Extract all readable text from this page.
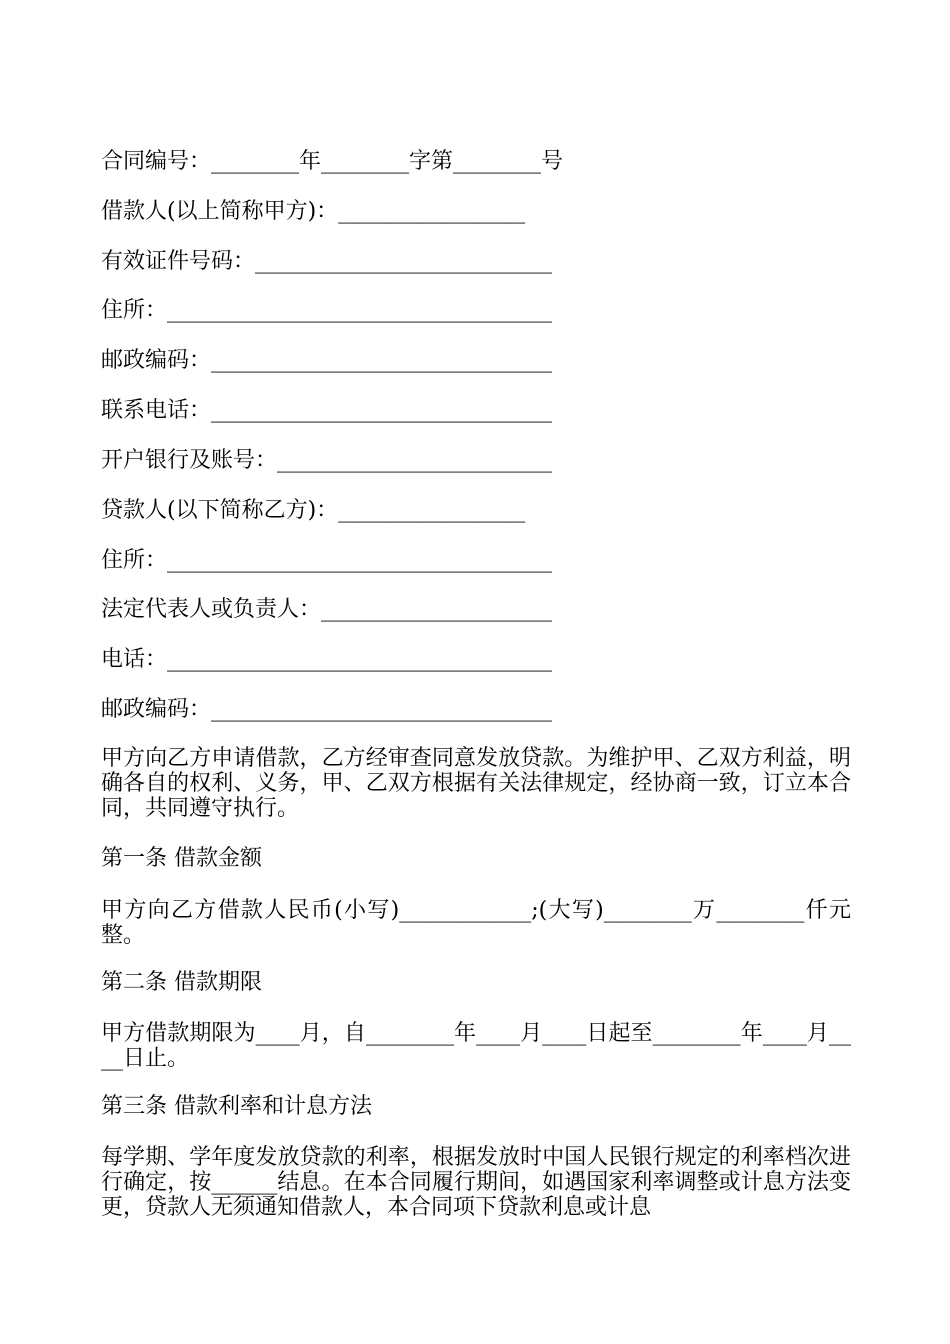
合同编号：________年________字第________号
借款人(以上简称甲方)：_________________
有效证件号码：___________________________
住所：___________________________________
邮政编码：_______________________________
联系电话：_______________________________
开户银行及账号：_________________________
贷款人(以下简称乙方)：_________________
住所：___________________________________
法定代表人或负责人：_____________________
电话：___________________________________
邮政编码：_______________________________
甲方向乙方申请借款，乙方经审查同意发放贷款。为维护甲、乙双方利益，明确各自的权利、义务，甲、乙双方根据有关法律规定，经协商一致，订立本合同，共同遵守执行。
第一条 借款金额
甲方向乙方借款人民币(小写)____________;(大写)________万________仟元整。
第二条 借款期限
甲方借款期限为____月，自________年____月____日起至________年____月____日止。
第三条 借款利率和计息方法
每学期、学年度发放贷款的利率，根据发放时中国人民银行规定的利率档次进行确定，按______结息。在本合同履行期间，如遇国家利率调整或计息方法变更，贷款人无须通知借款人，本合同项下贷款利息或计息
